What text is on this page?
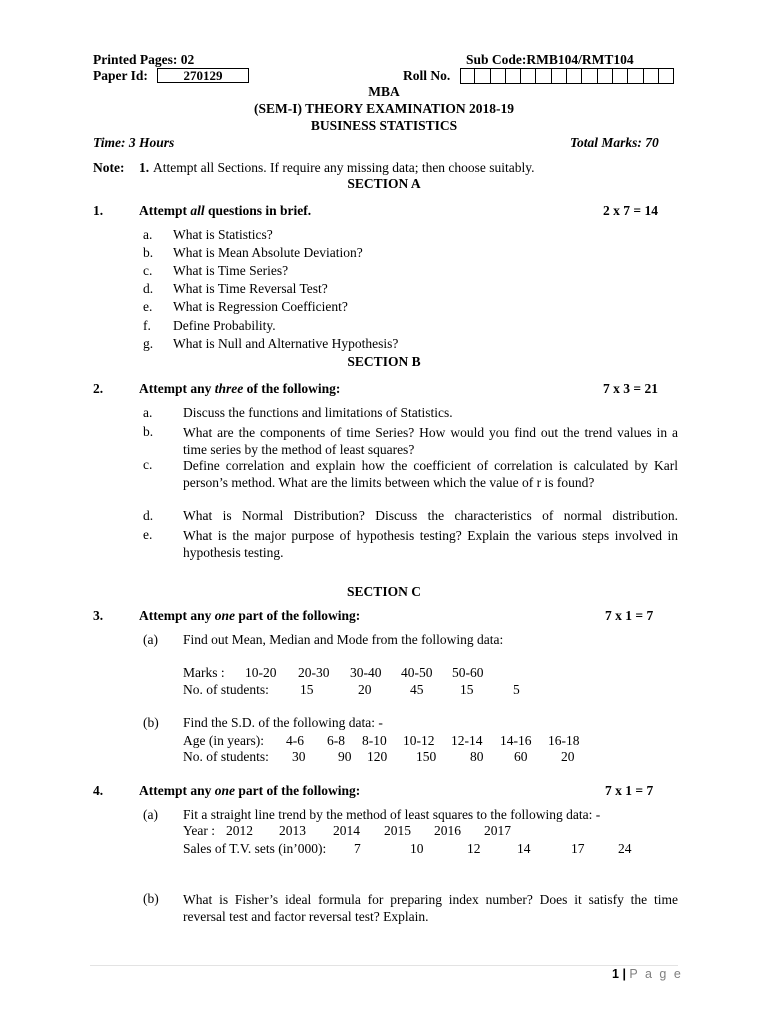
Printed Pages: 02	Sub Code:RMB104/RMT104
Paper Id:	270129	Roll No.
MBA
(SEM-I) THEORY EXAMINATION 2018-19
BUSINESS STATISTICS
Time: 3 Hours	Total Marks: 70
Note: 1. Attempt all Sections. If require any missing data; then choose suitably.
SECTION A
1.	Attempt all questions in brief.	2 x 7 = 14
a. What is Statistics?
b. What is Mean Absolute Deviation?
c. What is Time Series?
d. What is Time Reversal Test?
e. What is Regression Coefficient?
f. Define Probability.
g. What is Null and Alternative Hypothesis?
SECTION B
2.	Attempt any three of the following:	7 x 3 = 21
a. Discuss the functions and limitations of Statistics.
b. What are the components of time Series? How would you find out the trend values in a time series by the method of least squares?
c. Define correlation and explain how the coefficient of correlation is calculated by Karl person’s method. What are the limits between which the value of r is found?
d. What is Normal Distribution? Discuss the characteristics of normal distribution.
e. What is the major purpose of hypothesis testing? Explain the various steps involved in hypothesis testing.
SECTION C
3.	Attempt any one part of the following:	7 x 1 = 7
(a) Find out Mean, Median and Mode from the following data:
Marks : 10-20 20-30 30-40 40-50 50-60
No. of students: 15	20	45	15	5
(b) Find the S.D. of the following data: -
Age (in years): 4-6 6-8 8-10 10-12 12-14 14-16 16-18
No. of students: 30 90 120 150	80 60 20
4.	Attempt any one part of the following:	7 x 1 = 7
(a) Fit a straight line trend by the method of least squares to the following data: -
Year : 2012 2013 2014 2015 2016 2017
Sales of T.V. sets (in’000): 7	10	12	14	17 24
(b) What is Fisher’s ideal formula for preparing index number? Does it satisfy the time reversal test and factor reversal test? Explain.
1 | P a g e
